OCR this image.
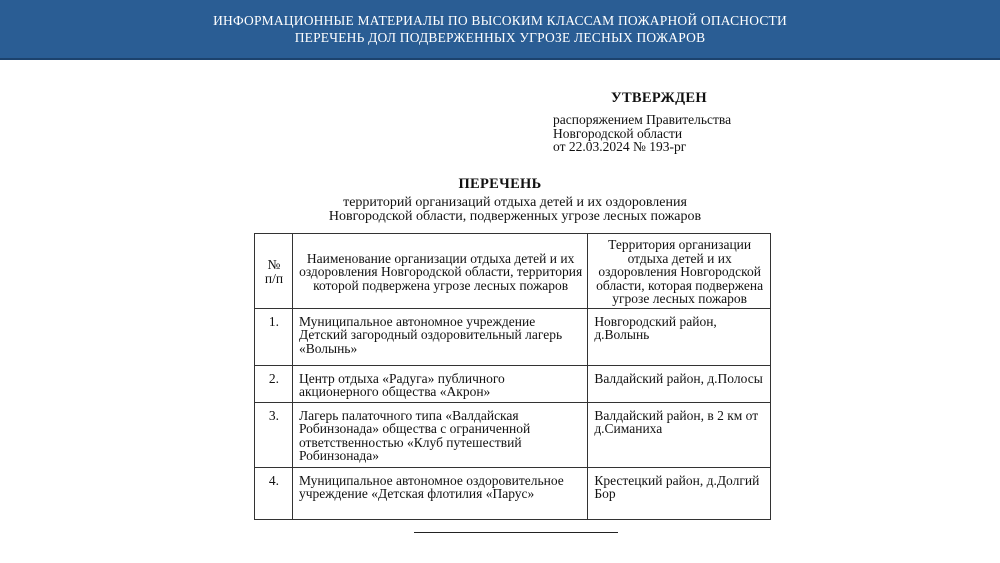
ИНФОРМАЦИОННЫЕ МАТЕРИАЛЫ ПО ВЫСОКИМ КЛАССАМ ПОЖАРНОЙ ОПАСНОСТИ
ПЕРЕЧЕНЬ ДОЛ ПОДВЕРЖЕННЫХ УГРОЗЕ ЛЕСНЫХ ПОЖАРОВ
УТВЕРЖДЕН
распоряжением Правительства
Новгородской области
от 22.03.2024 № 193-рг
ПЕРЕЧЕНЬ
территорий организаций отдыха детей и их оздоровления
Новгородской области, подверженных угрозе лесных пожаров
№ п/п	Наименование организации отдыха детей и их оздоровления Новгородской области, территория которой подвержена угрозе лесных пожаров	Территория организации отдыха детей и их оздоровления Новгородской области, которая подвержена угрозе лесных пожаров
1.	Муниципальное автономное учреждение Детский загородный оздоровительный лагерь «Волынь»	Новгородский район, д.Волынь
2.	Центр отдыха «Радуга» публичного акционерного общества «Акрон»	Валдайский район, д.Полосы
3.	Лагерь палаточного типа «Валдайская Робинзонада» общества с ограниченной ответственностью «Клуб путешествий Робинзонада»	Валдайский район, в 2 км от д.Симаниха
4.	Муниципальное автономное оздоровительное учреждение «Детская флотилия «Парус»	Крестецкий район, д.Долгий Бор
